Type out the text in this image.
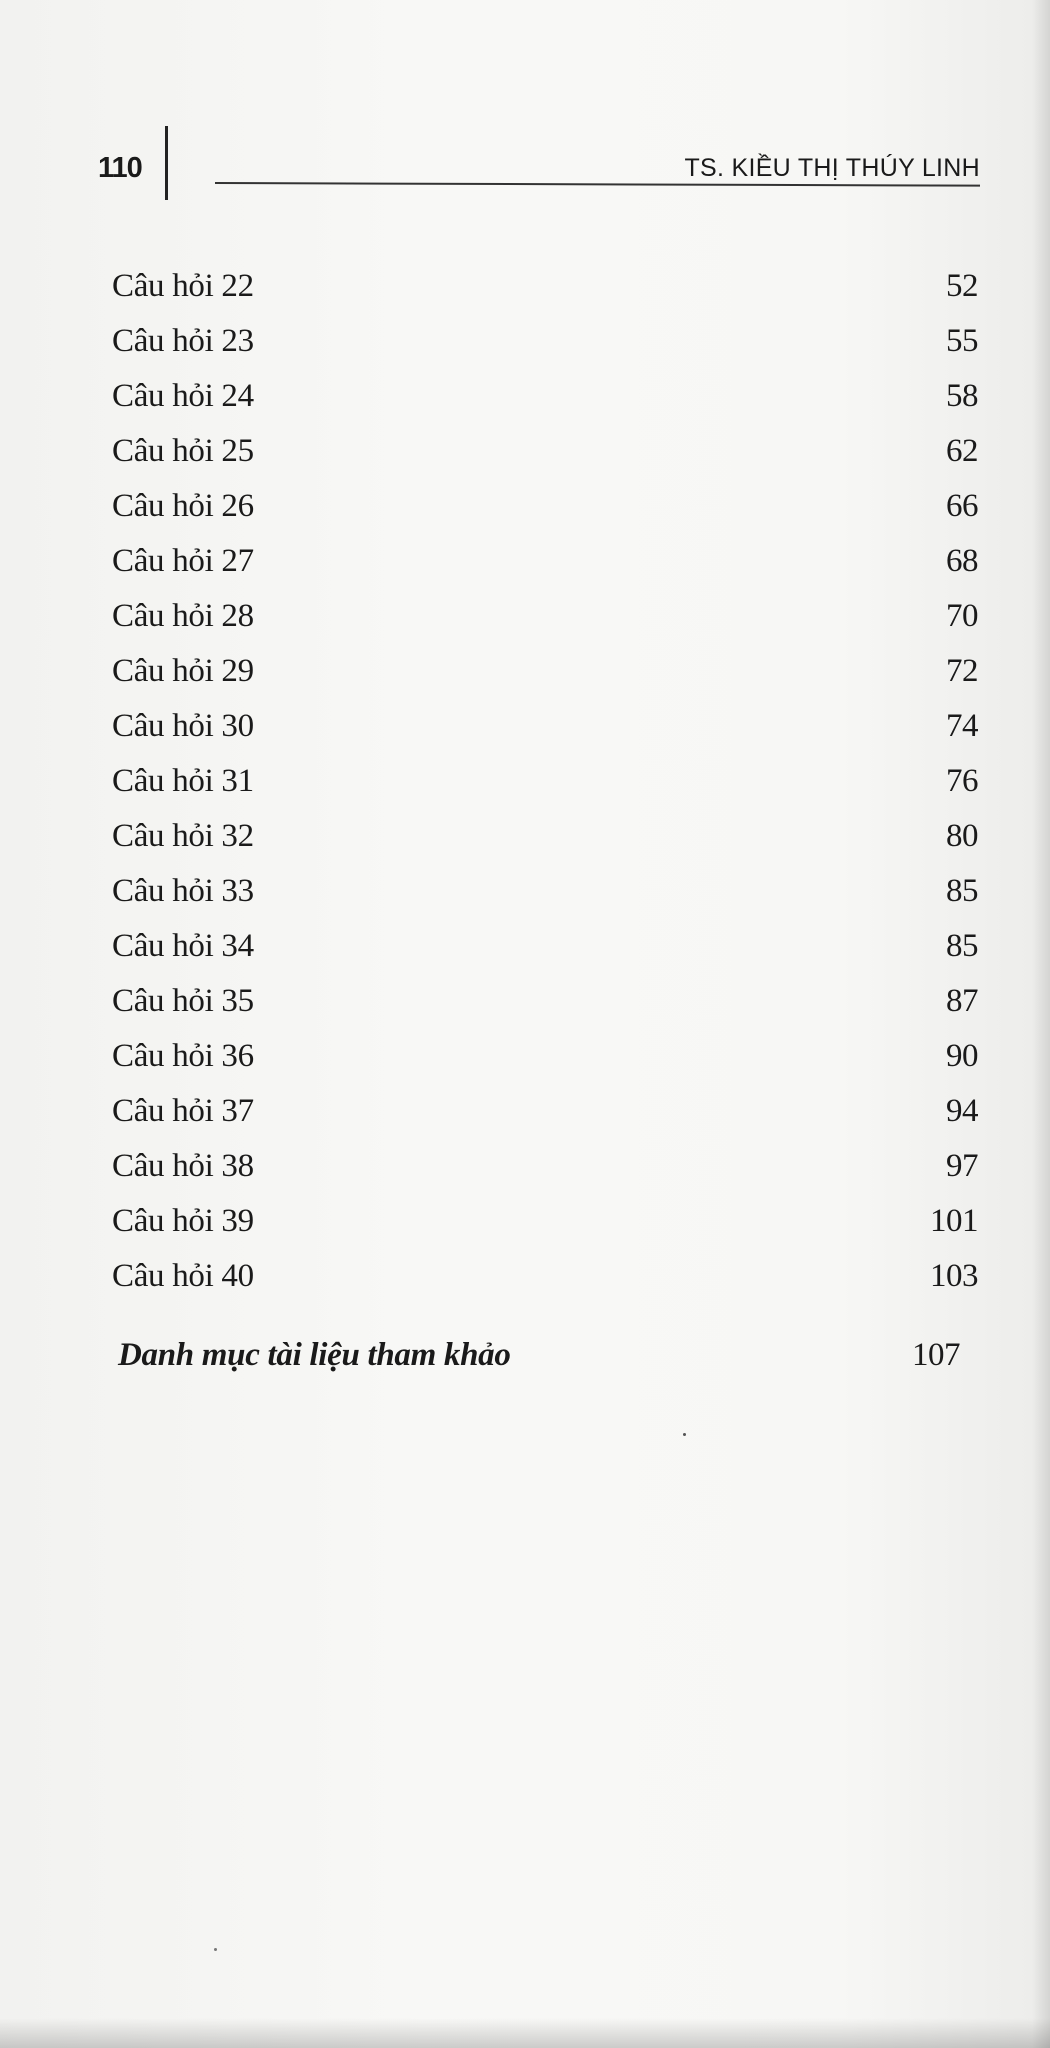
110	TS. KIỀU THỊ THÚY LINH
Câu hỏi 22	52
Câu hỏi 23	55
Câu hỏi 24	58
Câu hỏi 25	62
Câu hỏi 26	66
Câu hỏi 27	68
Câu hỏi 28	70
Câu hỏi 29	72
Câu hỏi 30	74
Câu hỏi 31	76
Câu hỏi 32	80
Câu hỏi 33	85
Câu hỏi 34	85
Câu hỏi 35	87
Câu hỏi 36	90
Câu hỏi 37	94
Câu hỏi 38	97
Câu hỏi 39	101
Câu hỏi 40	103
Danh mục tài liệu tham khảo	107
